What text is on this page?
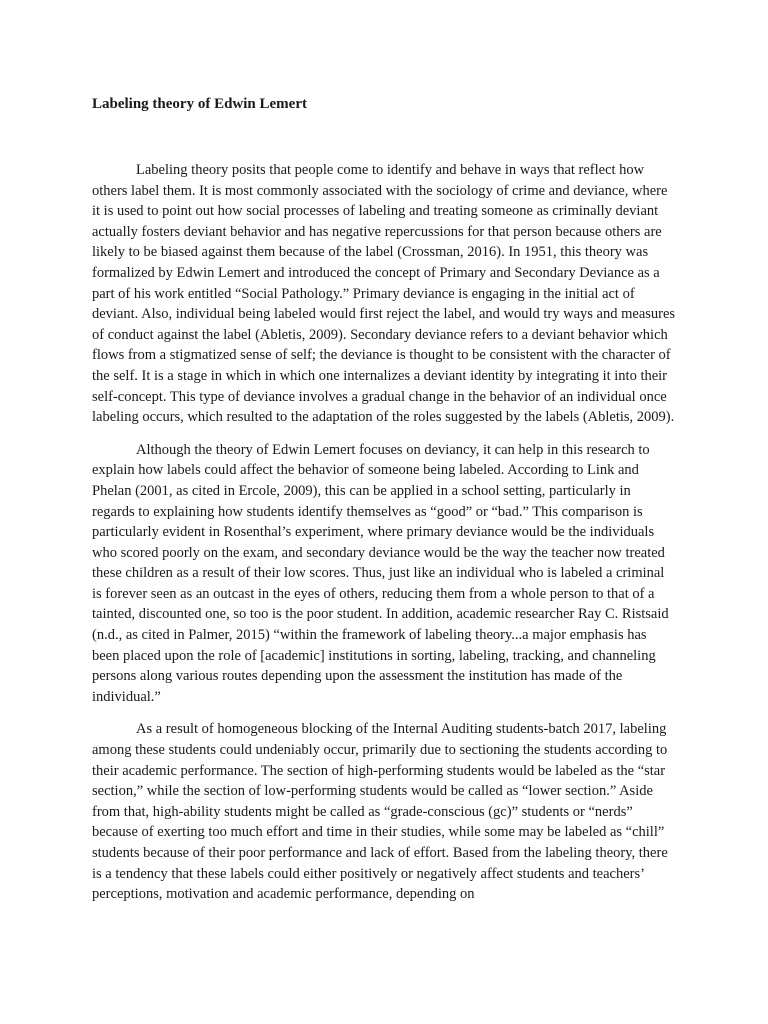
Labeling theory of Edwin Lemert

Labeling theory posits that people come to identify and behave in ways that reflect how others label them. It is most commonly associated with the sociology of crime and deviance, where it is used to point out how social processes of labeling and treating someone as criminally deviant actually fosters deviant behavior and has negative repercussions for that person because others are likely to be biased against them because of the label (Crossman, 2016). In 1951, this theory was formalized by Edwin Lemert and introduced the concept of Primary and Secondary Deviance as a part of his work entitled “Social Pathology.” Primary deviance is engaging in the initial act of deviant. Also, individual being labeled would first reject the label, and would try ways and measures of conduct against the label (Abletis, 2009). Secondary deviance refers to a deviant behavior which flows from a stigmatized sense of self; the deviance is thought to be consistent with the character of the self. It is a stage in which in which one internalizes a deviant identity by integrating it into their self-concept. This type of deviance involves a gradual change in the behavior of an individual once labeling occurs, which resulted to the adaptation of the roles suggested by the labels (Abletis, 2009).

Although the theory of Edwin Lemert focuses on deviancy, it can help in this research to explain how labels could affect the behavior of someone being labeled. According to Link and Phelan (2001, as cited in Ercole, 2009), this can be applied in a school setting, particularly in regards to explaining how students identify themselves as “good” or “bad.” This comparison is particularly evident in Rosenthal’s experiment, where primary deviance would be the individuals who scored poorly on the exam, and secondary deviance would be the way the teacher now treated these children as a result of their low scores. Thus, just like an individual who is labeled a criminal is forever seen as an outcast in the eyes of others, reducing them from a whole person to that of a tainted, discounted one, so too is the poor student. In addition, academic researcher Ray C. Ristsaid (n.d., as cited in Palmer, 2015) “within the framework of labeling theory...a major emphasis has been placed upon the role of [academic] institutions in sorting, labeling, tracking, and channeling persons along various routes depending upon the assessment the institution has made of the individual.”

As a result of homogeneous blocking of the Internal Auditing students-batch 2017, labeling among these students could undeniably occur, primarily due to sectioning the students according to their academic performance. The section of high-performing students would be labeled as the “star section,” while the section of low-performing students would be called as “lower section.” Aside from that, high-ability students might be called as “grade-conscious (gc)” students or “nerds” because of exerting too much effort and time in their studies, while some may be labeled as “chill” students because of their poor performance and lack of effort. Based from the labeling theory, there is a tendency that these labels could either positively or negatively affect students and teachers’ perceptions, motivation and academic performance, depending on
